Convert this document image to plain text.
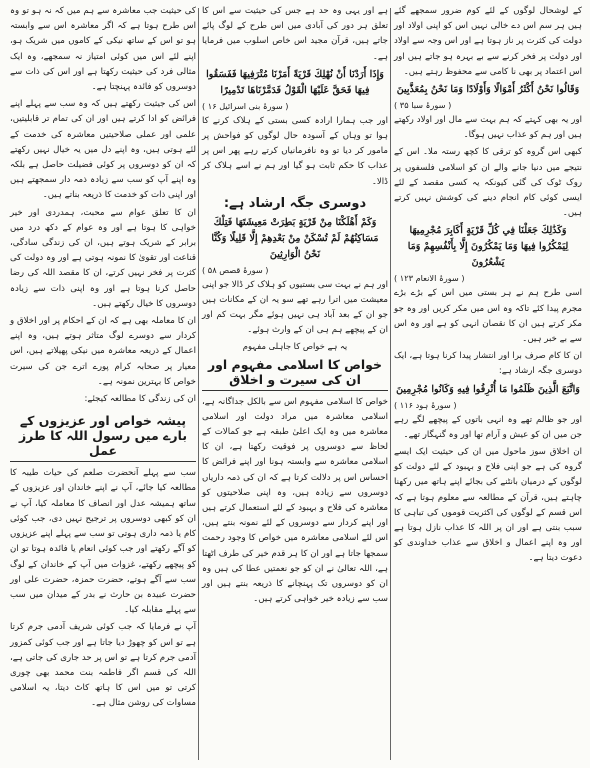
کے لوشحال لوگوں کے لئے کوم ضرور سمجھے گئے ہیں ہر سم اس دے خالی نہیں اس کو اپنی اولاد اور دولت کی کثرت پر ناز ہوتا ہے اور اس وجہ سے اولاد اور دولت پر فخر کرنے سے بے بہرہ ہو جاتے ہیں اور اس اعتماد پر بھی نا کامی سے محفوظ رہتے ہیں۔

وَقَالُوا نَحْنُ أَكْثَرُ أَمْوَالًا وَأَوْلَادًا وَمَا نَحْنُ بِمُعَذَّبِينَ
( سورۂ سبا ۳۵ )

اور یہ بھی کہتے کہ ہم بہت سے مال اور اولاد رکھتے ہیں اور ہم کو عذاب نہیں ہوگا۔

کبھی اس گروہ کو ترقی کا کچھ رستہ ملا۔ اس کے نتیجے میں دنیا جانے والے ان کو اسلامی فلسفوں پر روک ٹوک کی گئی کیونکہ یہ کسی مقصد کے لئے ایسی کوئی کام انجام دینے کی کوشش نہیں کرتے ہیں۔

وَكَذَٰلِكَ جَعَلْنَا فِي كُلِّ قَرْيَةٍ أَكَابِرَ مُجْرِمِيهَا لِيَمْكُرُوا فِيهَا وَمَا يَمْكُرُونَ إِلَّا بِأَنْفُسِهِمْ وَمَا يَشْعُرُونَ
( سورۂ الانعام ۱۲۳ )

اسی طرح ہم نے ہر بستی میں اس کے بڑے بڑے مجرم پیدا کئے تاکہ وہ اس میں مکر کریں اور وہ جو مکر کرتے ہیں ان کا نقصان انہی کو ہے اور وہ اس سے بے خبر ہیں۔

ان کا کام صرف برا اور انتشار پیدا کرنا ہوتا ہے، ایک دوسری جگہ ارشاد ہے:

وَاتَّبَعَ الَّذِينَ ظَلَمُوا مَا أُتْرِفُوا فِيهِ وَكَانُوا مُجْرِمِينَ
( سورۂ ہود ۱۱۶ )

اور جو ظالم تھے وہ انہی باتوں کے پیچھے لگے رہے جن میں ان کو عیش و آرام تھا اور وہ گنہگار تھے۔

ان اخلاق سوز ماحول میں ان کی حیثیت ایک ایسے گروہ کی ہے جو اپنی فلاح و بہبود کے لئے دولت کو لوگوں کے درمیان بانٹنے کی بجائے اپنے ہاتھ میں رکھنا چاہتے ہیں، قرآن کے مطالعہ سے معلوم ہوتا ہے کہ اس قسم کے لوگوں کی اکثریت قوموں کی تباہی کا سبب بنتی ہے اور ان پر اللہ کا عذاب نازل ہوتا ہے اور وہ اپنے اعمال و اخلاق سے عذاب خداوندی کو دعوت دیتا ہے۔

ہے اور یہی وہ حد ہے جس کی حیثیت سے اس کا تعلق ہر دور کی آبادی میں اس طرح کے لوگ پائے جاتے ہیں، قرآن مجید اس خاص اسلوب میں فرمایا ہے۔

وَإِذَا أَرَدْنَا أَنْ نُهْلِكَ قَرْيَةً أَمَرْنَا مُتْرَفِيهَا فَفَسَقُوا فِيهَا فَحَقَّ عَلَيْهَا الْقَوْلُ فَدَمَّرْنَاهَا تَدْمِيرًا
( سورۂ بنی اسرائیل ۱۶ )

اور جب ہمارا ارادہ کسی بستی کے ہلاک کرنے کا ہوا تو وہاں کے آسودہ حال لوگوں کو فواحش پر مامور کر دیا تو وہ نافرمانیاں کرتے رہے پھر اس پر عذاب کا حکم ثابت ہو گیا اور ہم نے اسے ہلاک کر ڈالا۔

دوسری جگہ ارشاد ہے:
وَكَمْ أَهْلَكْنَا مِنْ قَرْيَةٍ بَطِرَتْ مَعِيشَتَهَا فَتِلْكَ مَسَاكِنُهُمْ لَمْ تُسْكَنْ مِنْ بَعْدِهِمْ إِلَّا قَلِيلًا وَكُنَّا نَحْنُ الْوَارِثِينَ
( سورۂ قصص ۵۸ )

اور ہم نے بہت سی بستیوں کو ہلاک کر ڈالا جو اپنی معیشت میں اترا رہے تھے سو یہ ان کے مکانات ہیں جو ان کے بعد آباد ہی نہیں ہوئے مگر بہت کم اور ان کے پیچھے ہم ہی ان کے وارث ہوئے۔

یہ ہے خواص کا جاہلی مفہوم
خواص کا اسلامی مفہوم اور ان کی سیرت و اخلاق

خواص کا اسلامی مفہوم اس سے بالکل جداگانہ ہے، اسلامی معاشرہ میں مراد دولت اور اسلامی معاشرہ میں وہ ایک اعلیٰ طبقہ ہے جو کمالات کے لحاظ سے دوسروں پر فوقیت رکھتا ہے، ان کا اسلامی معاشرہ سے وابستہ ہونا اور اپنے فرائض کا احساس اس پر دلالت کرتا ہے کہ ان کی ذمہ داریاں دوسروں سے زیادہ ہیں، وہ اپنی صلاحیتوں کو معاشرہ کی فلاح و بہبود کے لئے استعمال کرتے ہیں اور اپنے کردار سے دوسروں کے لئے نمونہ بنتے ہیں، اس لئے اسلامی معاشرہ میں خواص کا وجود رحمت سمجھا جاتا ہے اور ان کا ہر قدم خیر کی طرف اٹھتا ہے، اللہ تعالیٰ نے ان کو جو نعمتیں عطا کی ہیں وہ ان کو دوسروں تک پہنچانے کا ذریعہ بنتے ہیں اور سب سے زیادہ خیر خواہی کرتے ہیں۔

کی حیثیت جب معاشرہ سے ہم میں کہ نہ ہو تو وہ اس طرح ہوتا ہے کہ اگر معاشرہ اس سے وابستہ ہو تو اس کے ساتھ نیکی کے کاموں میں شریک ہو، اپنے لئے اس میں کوئی امتیاز نہ سمجھے، وہ ایک مثالی فرد کی حیثیت رکھتا ہے اور اس کی ذات سے دوسروں کو فائدہ پہنچتا ہے۔

اس کی جیثیت رکھتے ہیں کہ وہ سب سے پہلے اپنے فرائض کو ادا کرتے ہیں اور ان کی تمام تر قابلیتیں، علمی اور عملی صلاحیتیں معاشرہ کی خدمت کے لئے ہوتی ہیں، وہ اپنے دل میں یہ خیال نہیں رکھتے کہ ان کو دوسروں پر کوئی فضیلت حاصل ہے بلکہ وہ اپنے آپ کو سب سے زیادہ ذمہ دار سمجھتے ہیں اور اپنی ذات کو خدمت کا ذریعہ بناتے ہیں۔

ان کا تعلق عوام سے محبت، ہمدردی اور خیر خواہی کا ہوتا ہے اور وہ عوام کے دکھ درد میں برابر کے شریک ہوتے ہیں، ان کی زندگی سادگی، قناعت اور تقویٰ کا نمونہ ہوتی ہے اور وہ دولت کی کثرت پر فخر نہیں کرتے، ان کا مقصد اللہ کی رضا حاصل کرنا ہوتا ہے اور وہ اپنی ذات سے زیادہ دوسروں کا خیال رکھتے ہیں۔

ان کا معاملہ بھی ہے کہ ان کے احکام پر اور اخلاق و کردار سے دوسرے لوگ متاثر ہوتے ہیں، وہ اپنے اعمال کے ذریعہ معاشرہ میں نیکی پھیلاتے ہیں، اس معیار پر صحابہ کرام پورے اترے جن کی سیرت خواص کا بہترین نمونہ ہے۔

ان کی زندگی کا مطالعہ کیجئے:

پیشہ خواص اور عزیزوں کے بارے میں رسول اللہ کا طرز عمل

سب سے پہلے آنحضرت صلعم کی حیات طیبہ کا مطالعہ کیا جائے، آپ نے اپنے خاندان اور عزیزوں کے ساتھ ہمیشہ عدل اور انصاف کا معاملہ کیا، آپ نے ان کو کبھی دوسروں پر ترجیح نہیں دی، جب کوئی کام یا ذمہ داری ہوتی تو سب سے پہلے اپنے عزیزوں کو آگے رکھتے اور جب کوئی انعام یا فائدہ ہوتا تو ان کو پیچھے رکھتے، غزوات میں آپ کے خاندان کے لوگ سب سے آگے ہوتے، حضرت حمزہ، حضرت علی اور حضرت عبیدہ بن حارث نے بدر کے میدان میں سب سے پہلے مقابلہ کیا۔

آپ نے فرمایا کہ جب کوئی شریف آدمی جرم کرتا ہے تو اس کو چھوڑ دیا جاتا ہے اور جب کوئی کمزور آدمی جرم کرتا ہے تو اس پر حد جاری کی جاتی ہے، اللہ کی قسم اگر فاطمہ بنت محمد بھی چوری کرتی تو میں اس کا ہاتھ کاٹ دیتا، یہ اسلامی مساوات کی روشن مثال ہے۔
